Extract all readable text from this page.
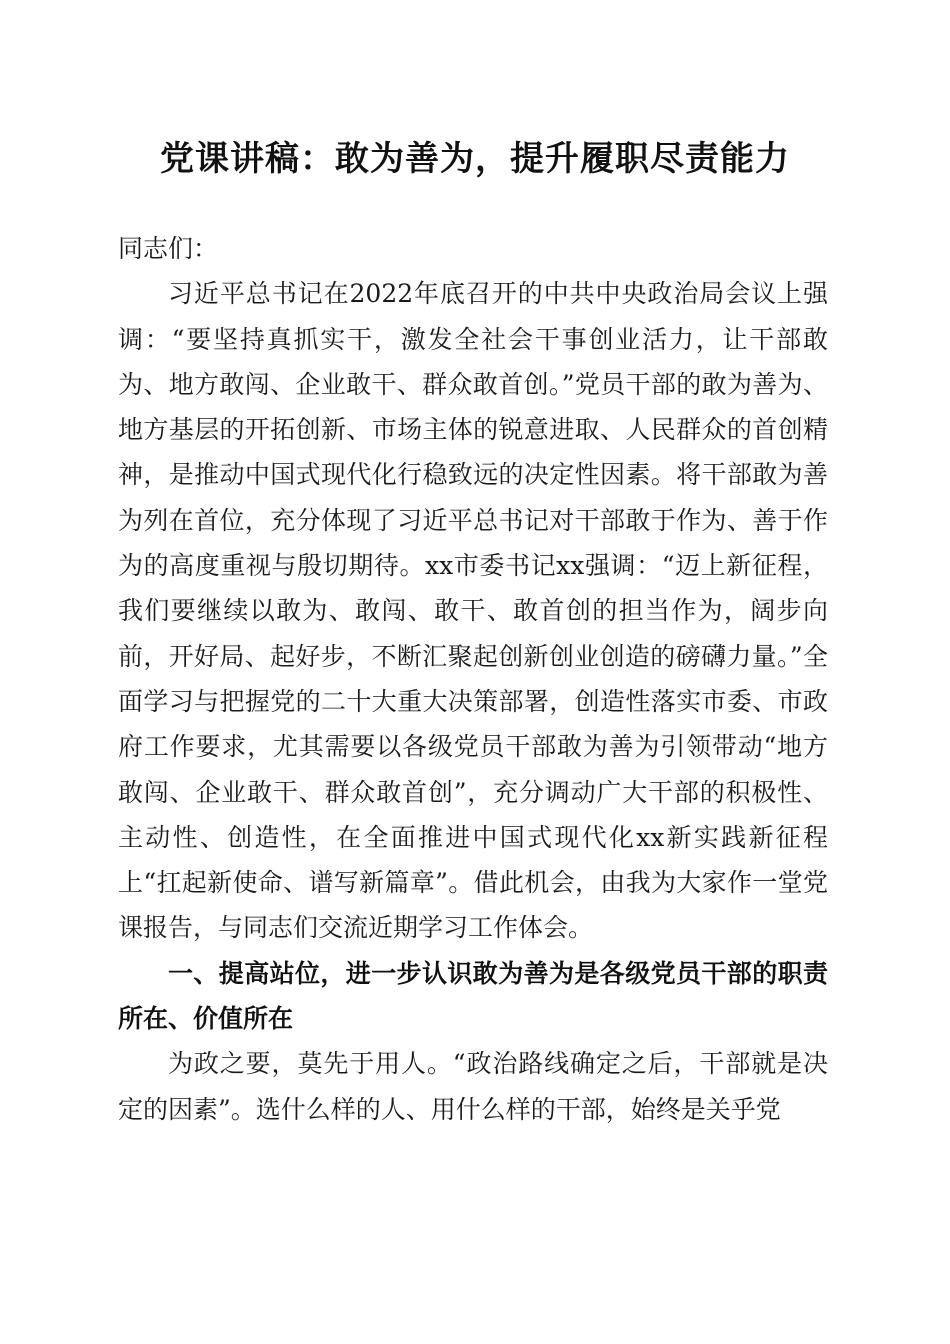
党课讲稿：敢为善为，提升履职尽责能力

同志们：

习近平总书记在2022年底召开的中共中央政治局会议上强调：“要坚持真抓实干，激发全社会干事创业活力，让干部敢为、地方敢闯、企业敢干、群众敢首创。”党员干部的敢为善为、地方基层的开拓创新、市场主体的锐意进取、人民群众的首创精神，是推动中国式现代化行稳致远的决定性因素。将干部敢为善为列在首位，充分体现了习近平总书记对干部敢于作为、善于作为的高度重视与殷切期待。xx市委书记xx强调：“迈上新征程，我们要继续以敢为、敢闯、敢干、敢首创的担当作为，阔步向前，开好局、起好步，不断汇聚起创新创业创造的磅礴力量。”全面学习与把握党的二十大重大决策部署，创造性落实市委、市政府工作要求，尤其需要以各级党员干部敢为善为引领带动“地方敢闯、企业敢干、群众敢首创”，充分调动广大干部的积极性、主动性、创造性，在全面推进中国式现代化xx新实践新征程上“扛起新使命、谱写新篇章”。借此机会，由我为大家作一堂党课报告，与同志们交流近期学习工作体会。

一、提高站位，进一步认识敢为善为是各级党员干部的职责所在、价值所在

为政之要，莫先于用人。“政治路线确定之后，干部就是决定的因素”。选什么样的人、用什么样的干部，始终是关乎党
